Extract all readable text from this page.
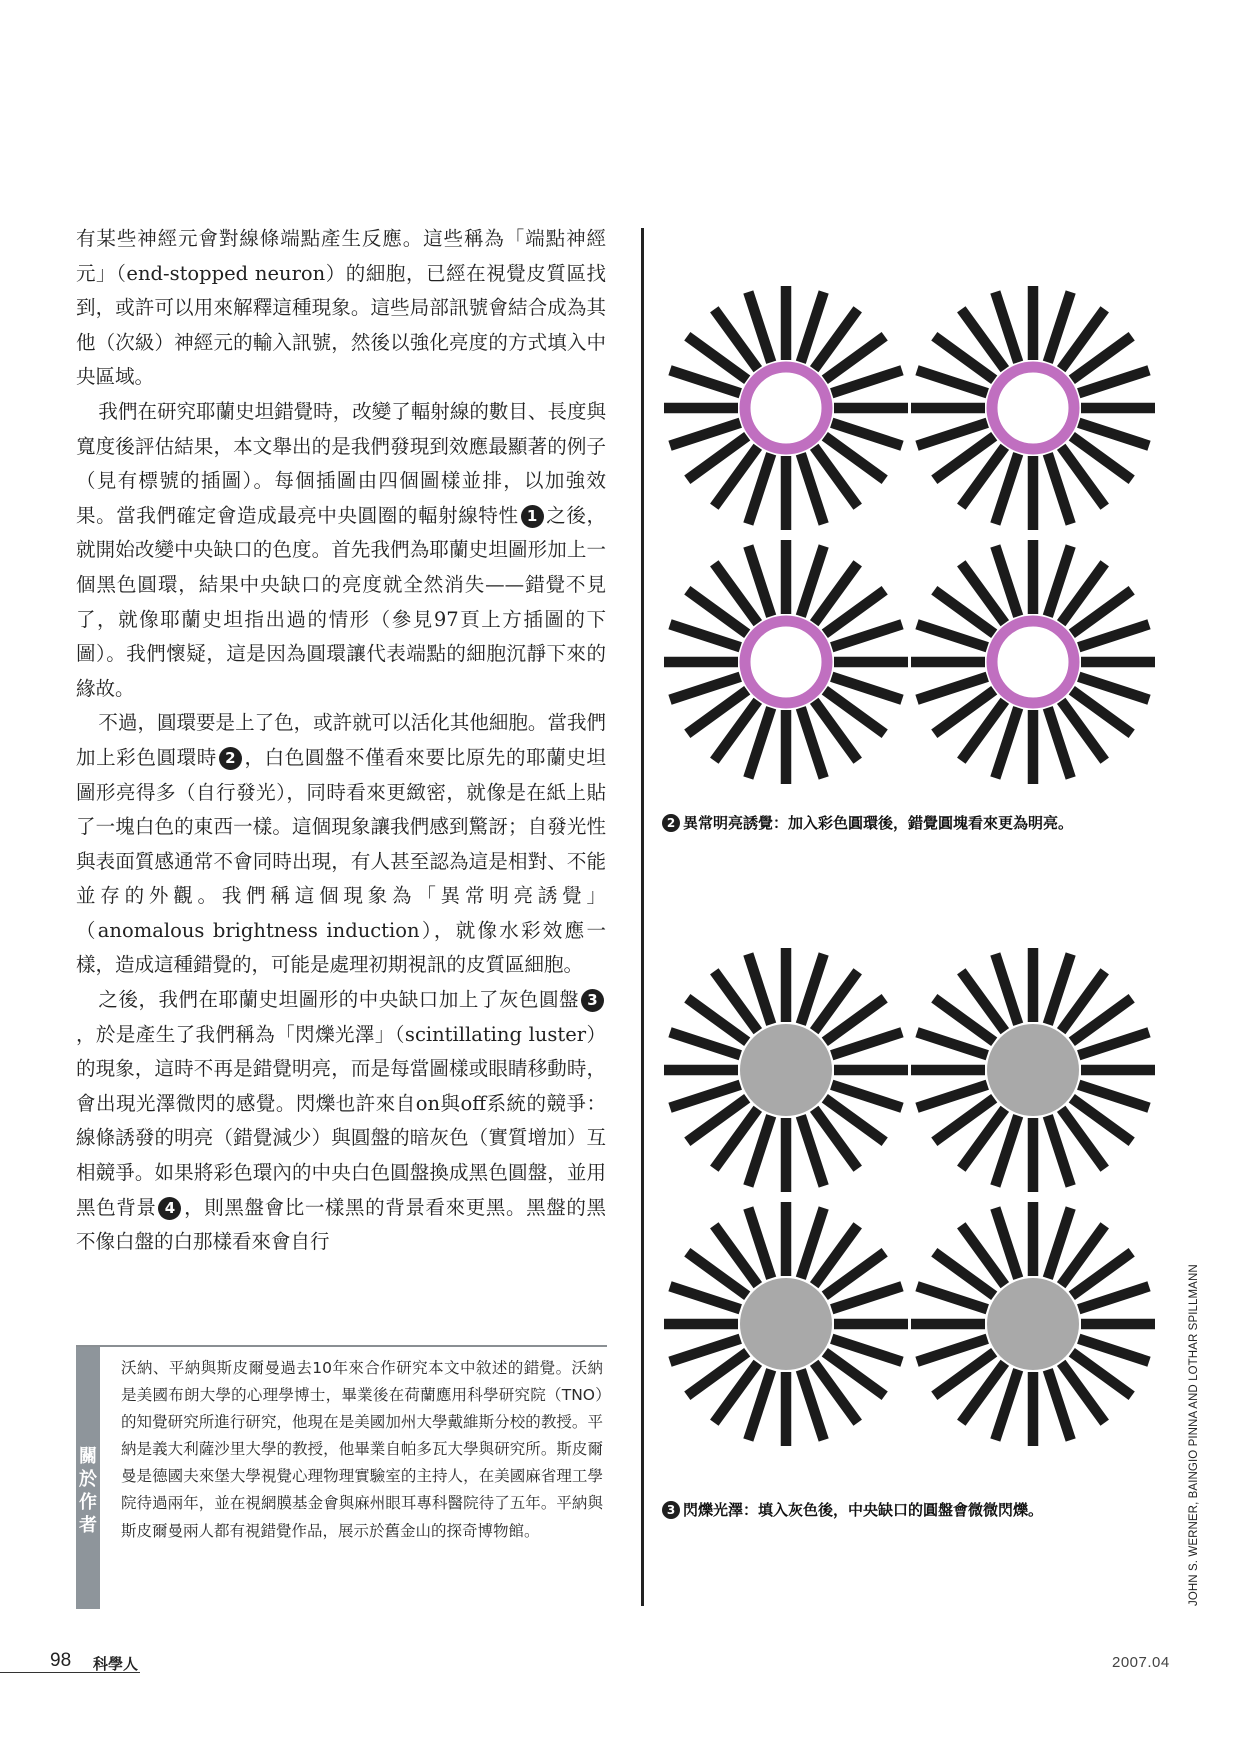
有某些神經元會對線條端點產生反應。這些稱為「端點神經元」（end-stopped neuron）的細胞，已經在視覺皮質區找到，或許可以用來解釋這種現象。這些局部訊號會結合成為其他（次級）神經元的輸入訊號，然後以強化亮度的方式填入中央區域。

我們在研究耶蘭史坦錯覺時，改變了輻射線的數目、長度與寬度後評估結果，本文舉出的是我們發現到效應最顯著的例子（見有標號的插圖）。每個插圖由四個圖樣並排，以加強效果。當我們確定會造成最亮中央圓圈的輻射線特性 1 之後，就開始改變中央缺口的色度。首先我們為耶蘭史坦圖形加上一個黑色圓環，結果中央缺口的亮度就全然消失——錯覺不見了，就像耶蘭史坦指出過的情形（參見97頁上方插圖的下圖）。我們懷疑，這是因為圓環讓代表端點的細胞沉靜下來的緣故。

不過，圓環要是上了色，或許就可以活化其他細胞。當我們加上彩色圓環時 2 ，白色圓盤不僅看來要比原先的耶蘭史坦圖形亮得多（自行發光），同時看來更緻密，就像是在紙上貼了一塊白色的東西一樣。這個現象讓我們感到驚訝；自發光性與表面質感通常不會同時出現，有人甚至認為這是相對、不能並存的外觀。我們稱這個現象為「異常明亮誘覺」（anomalous brightness induction），就像水彩效應一樣，造成這種錯覺的，可能是處理初期視訊的皮質區細胞。

之後，我們在耶蘭史坦圖形的中央缺口加上了灰色圓盤 3，於是產生了我們稱為「閃爍光澤」（scintillating luster）的現象，這時不再是錯覺明亮，而是每當圖樣或眼睛移動時，會出現光澤微閃的感覺。閃爍也許來自on與off系統的競爭：線條誘發的明亮（錯覺減少）與圓盤的暗灰色（實質增加）互相競爭。如果將彩色環內的中央白色圓盤換成黑色圓盤，並用黑色背景 4 ，則黑盤會比一樣黑的背景看來更黑。黑盤的黑不像白盤的白那樣看來會自行

關於作者
沃納、平納與斯皮爾曼過去10年來合作研究本文中敘述的錯覺。沃納是美國布朗大學的心理學博士，畢業後在荷蘭應用科學研究院（TNO）的知覺研究所進行研究，他現在是美國加州大學戴維斯分校的教授。平納是義大利薩沙里大學的教授，他畢業自帕多瓦大學與研究所。斯皮爾曼是德國夫來堡大學視覺心理物理實驗室的主持人，在美國麻省理工學院待過兩年，並在視網膜基金會與麻州眼耳專科醫院待了五年。平納與斯皮爾曼兩人都有視錯覺作品，展示於舊金山的探奇博物館。
2 異常明亮誘覺：加入彩色圓環後，錯覺圓塊看來更為明亮。
3 閃爍光澤：填入灰色後，中央缺口的圓盤會微微閃爍。	JOHN S. WERNER, BAINGIO PINNA AND LOTHAR SPILLMANN
98 科學人	2007.04
